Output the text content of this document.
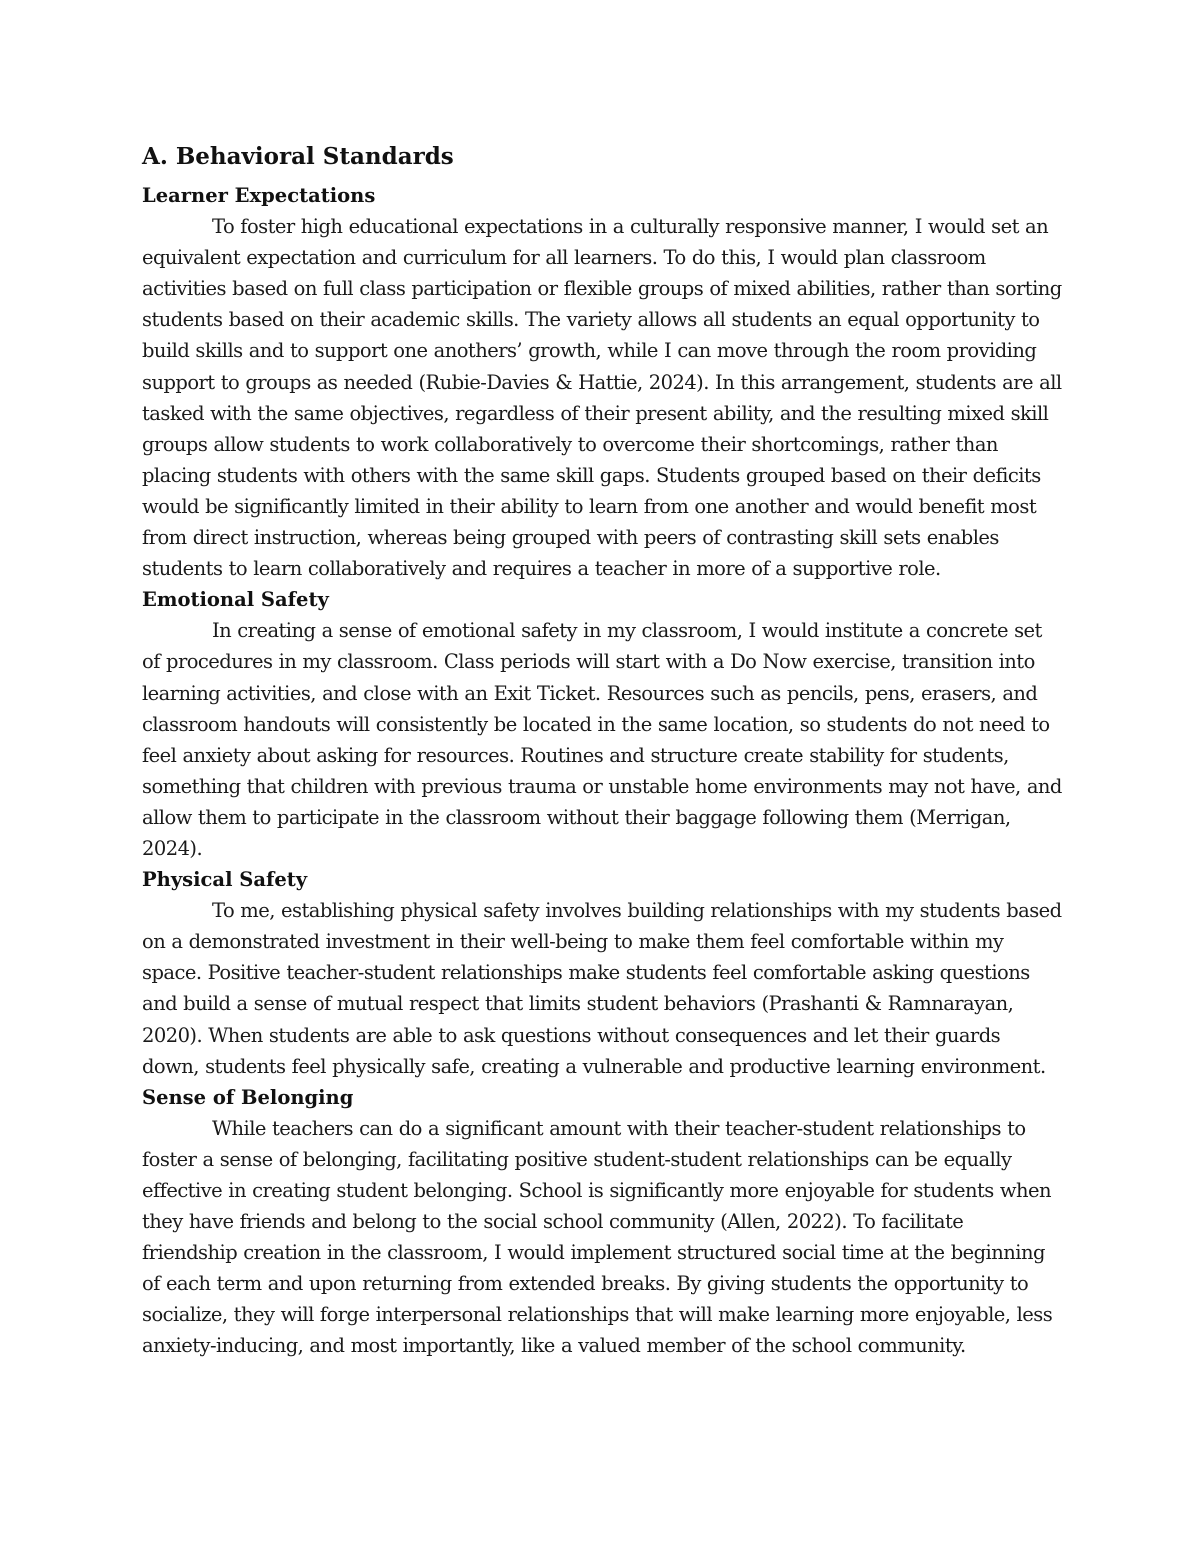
A. Behavioral Standards
Learner Expectations

To foster high educational expectations in a culturally responsive manner, I would set an equivalent expectation and curriculum for all learners. To do this, I would plan classroom activities based on full class participation or flexible groups of mixed abilities, rather than sorting students based on their academic skills. The variety allows all students an equal opportunity to build skills and to support one anothers’ growth, while I can move through the room providing support to groups as needed (Rubie-Davies & Hattie, 2024). In this arrangement, students are all tasked with the same objectives, regardless of their present ability, and the resulting mixed skill groups allow students to work collaboratively to overcome their shortcomings, rather than placing students with others with the same skill gaps. Students grouped based on their deficits would be significantly limited in their ability to learn from one another and would benefit most from direct instruction, whereas being grouped with peers of contrasting skill sets enables students to learn collaboratively and requires a teacher in more of a supportive role.

Emotional Safety

In creating a sense of emotional safety in my classroom, I would institute a concrete set of procedures in my classroom. Class periods will start with a Do Now exercise, transition into learning activities, and close with an Exit Ticket. Resources such as pencils, pens, erasers, and classroom handouts will consistently be located in the same location, so students do not need to feel anxiety about asking for resources. Routines and structure create stability for students, something that children with previous trauma or unstable home environments may not have, and allow them to participate in the classroom without their baggage following them (Merrigan, 2024).

Physical Safety

To me, establishing physical safety involves building relationships with my students based on a demonstrated investment in their well-being to make them feel comfortable within my space. Positive teacher-student relationships make students feel comfortable asking questions and build a sense of mutual respect that limits student behaviors (Prashanti & Ramnarayan, 2020). When students are able to ask questions without consequences and let their guards down, students feel physically safe, creating a vulnerable and productive learning environment.

Sense of Belonging

While teachers can do a significant amount with their teacher-student relationships to foster a sense of belonging, facilitating positive student-student relationships can be equally effective in creating student belonging. School is significantly more enjoyable for students when they have friends and belong to the social school community (Allen, 2022). To facilitate friendship creation in the classroom, I would implement structured social time at the beginning of each term and upon returning from extended breaks. By giving students the opportunity to socialize, they will forge interpersonal relationships that will make learning more enjoyable, less anxiety-inducing, and most importantly, like a valued member of the school community.
